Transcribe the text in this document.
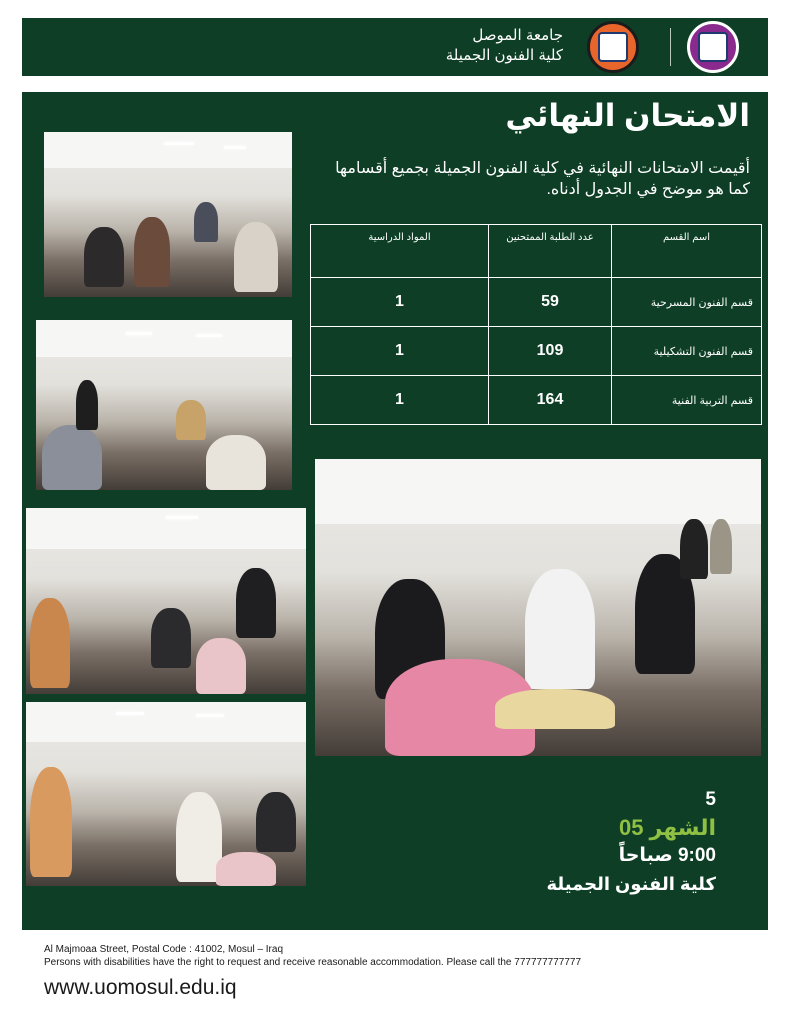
جامعة الموصل
كلية الفنون الجميلة
الامتحان النهائي
أقيمت الامتحانات النهائية في كلية الفنون الجميلة بجميع أقسامها كما هو موضح في الجدول أدناه.
اسم القسم	عدد الطلبة الممتحنين	المواد الدراسية
قسم الفنون المسرحية	59	1
قسم الفنون التشكيلية	109	1
قسم التربية الفنية	164	1
5
الشهر 05
9:00 صباحاً
كلية الفنون الجميلة
Al Majmoaa Street, Postal Code : 41002, Mosul – Iraq
Persons with disabilities have the right to request and receive reasonable accommodation. Please call the 777777777777
www.uomosul.edu.iq
